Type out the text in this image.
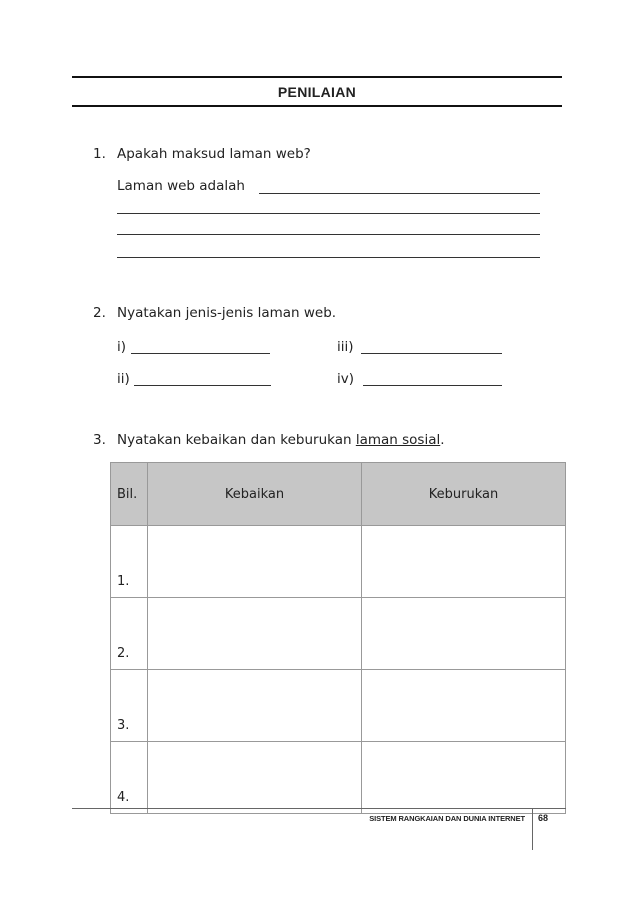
PENILAIAN
1. Apakah maksud laman web?
Laman web adalah
2. Nyatakan jenis-jenis laman web.
i)
ii)
iii)
iv)
3. Nyatakan kebaikan dan keburukan laman sosial.
Bil.	Kebaikan	Keburukan
1.		
2.		
3.		
4.		
SISTEM RANGKAIAN DAN DUNIA INTERNET 68
